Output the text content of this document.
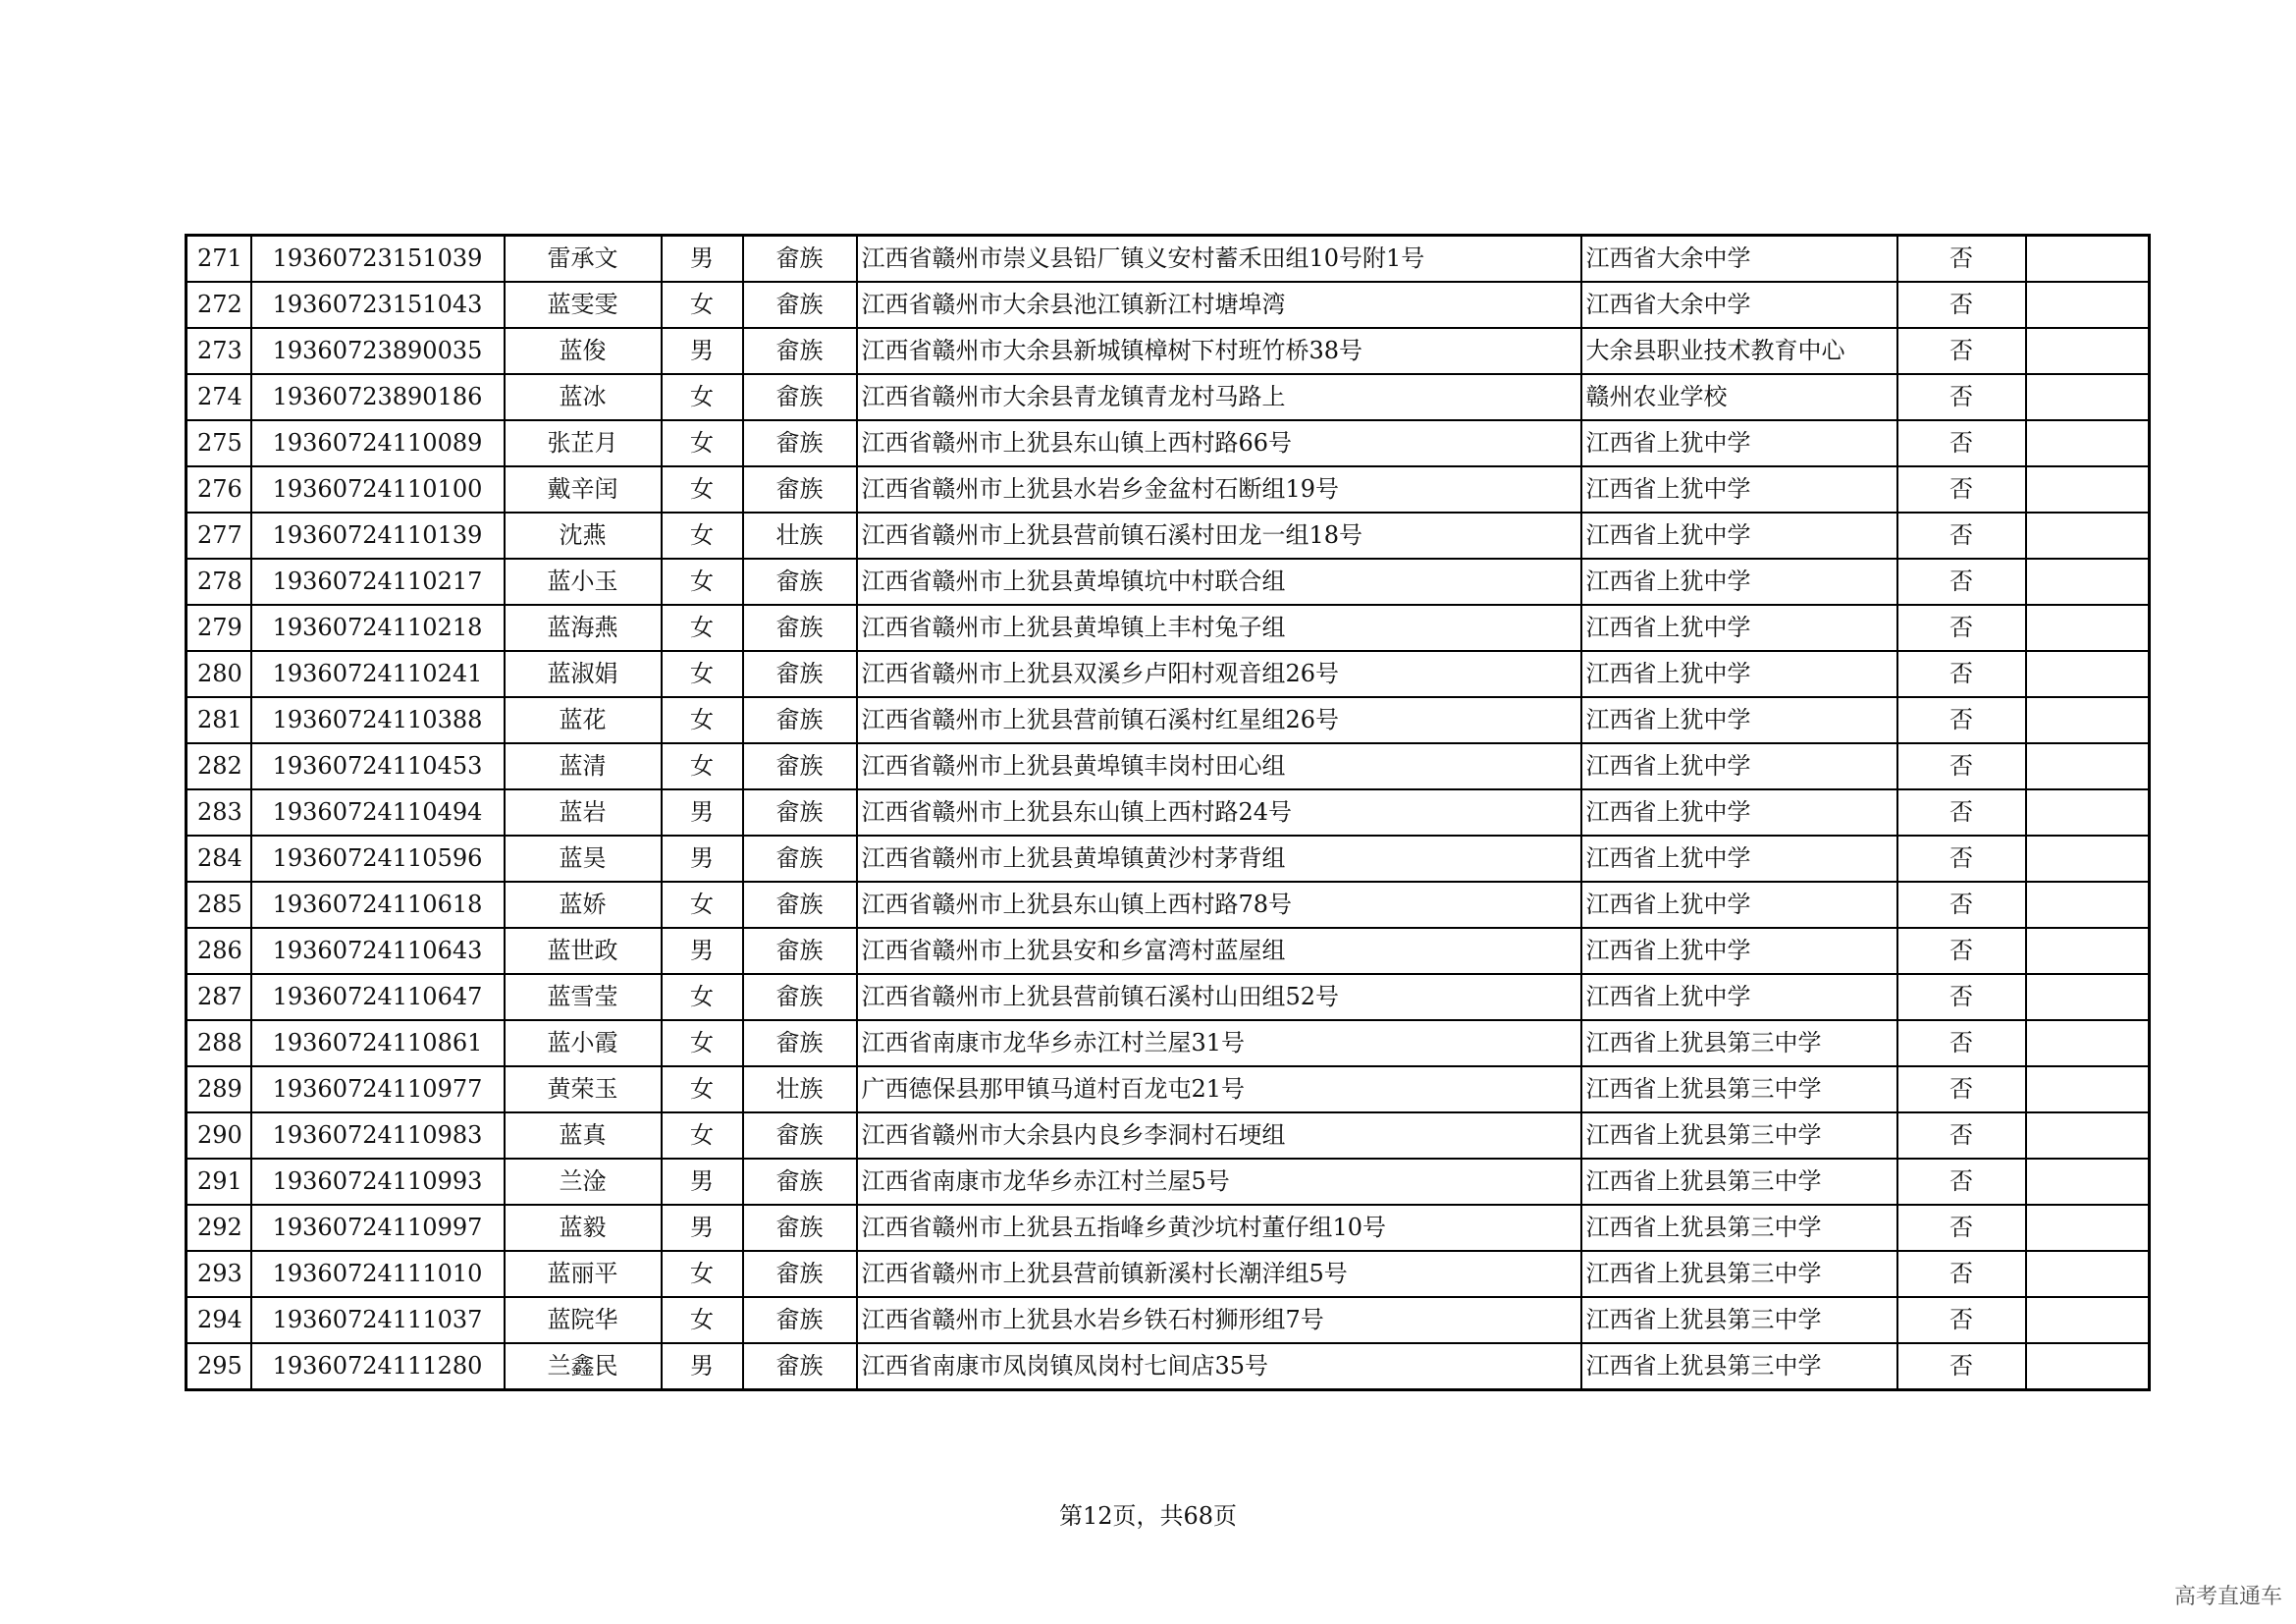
271	19360723151039	雷承文	男	畲族	江西省赣州市崇义县铅厂镇义安村蓄禾田组10号附1号	江西省大余中学	否	
272	19360723151043	蓝雯雯	女	畲族	江西省赣州市大余县池江镇新江村塘埠湾	江西省大余中学	否	
273	19360723890035	蓝俊	男	畲族	江西省赣州市大余县新城镇樟树下村班竹桥38号	大余县职业技术教育中心	否	
274	19360723890186	蓝冰	女	畲族	江西省赣州市大余县青龙镇青龙村马路上	赣州农业学校	否	
275	19360724110089	张芷月	女	畲族	江西省赣州市上犹县东山镇上西村路66号	江西省上犹中学	否	
276	19360724110100	戴辛闰	女	畲族	江西省赣州市上犹县水岩乡金盆村石断组19号	江西省上犹中学	否	
277	19360724110139	沈燕	女	壮族	江西省赣州市上犹县营前镇石溪村田龙一组18号	江西省上犹中学	否	
278	19360724110217	蓝小玉	女	畲族	江西省赣州市上犹县黄埠镇坑中村联合组	江西省上犹中学	否	
279	19360724110218	蓝海燕	女	畲族	江西省赣州市上犹县黄埠镇上丰村兔子组	江西省上犹中学	否	
280	19360724110241	蓝淑娟	女	畲族	江西省赣州市上犹县双溪乡卢阳村观音组26号	江西省上犹中学	否	
281	19360724110388	蓝花	女	畲族	江西省赣州市上犹县营前镇石溪村红星组26号	江西省上犹中学	否	
282	19360724110453	蓝清	女	畲族	江西省赣州市上犹县黄埠镇丰岗村田心组	江西省上犹中学	否	
283	19360724110494	蓝岩	男	畲族	江西省赣州市上犹县东山镇上西村路24号	江西省上犹中学	否	
284	19360724110596	蓝昊	男	畲族	江西省赣州市上犹县黄埠镇黄沙村茅背组	江西省上犹中学	否	
285	19360724110618	蓝娇	女	畲族	江西省赣州市上犹县东山镇上西村路78号	江西省上犹中学	否	
286	19360724110643	蓝世政	男	畲族	江西省赣州市上犹县安和乡富湾村蓝屋组	江西省上犹中学	否	
287	19360724110647	蓝雪莹	女	畲族	江西省赣州市上犹县营前镇石溪村山田组52号	江西省上犹中学	否	
288	19360724110861	蓝小霞	女	畲族	江西省南康市龙华乡赤江村兰屋31号	江西省上犹县第三中学	否	
289	19360724110977	黄荣玉	女	壮族	广西德保县那甲镇马道村百龙屯21号	江西省上犹县第三中学	否	
290	19360724110983	蓝真	女	畲族	江西省赣州市大余县内良乡李洞村石埂组	江西省上犹县第三中学	否	
291	19360724110993	兰淦	男	畲族	江西省南康市龙华乡赤江村兰屋5号	江西省上犹县第三中学	否	
292	19360724110997	蓝毅	男	畲族	江西省赣州市上犹县五指峰乡黄沙坑村董仔组10号	江西省上犹县第三中学	否	
293	19360724111010	蓝丽平	女	畲族	江西省赣州市上犹县营前镇新溪村长潮洋组5号	江西省上犹县第三中学	否	
294	19360724111037	蓝院华	女	畲族	江西省赣州市上犹县水岩乡铁石村狮形组7号	江西省上犹县第三中学	否	
295	19360724111280	兰鑫民	男	畲族	江西省南康市凤岗镇凤岗村七间店35号	江西省上犹县第三中学	否	
第12页，共68页
高考直通车
